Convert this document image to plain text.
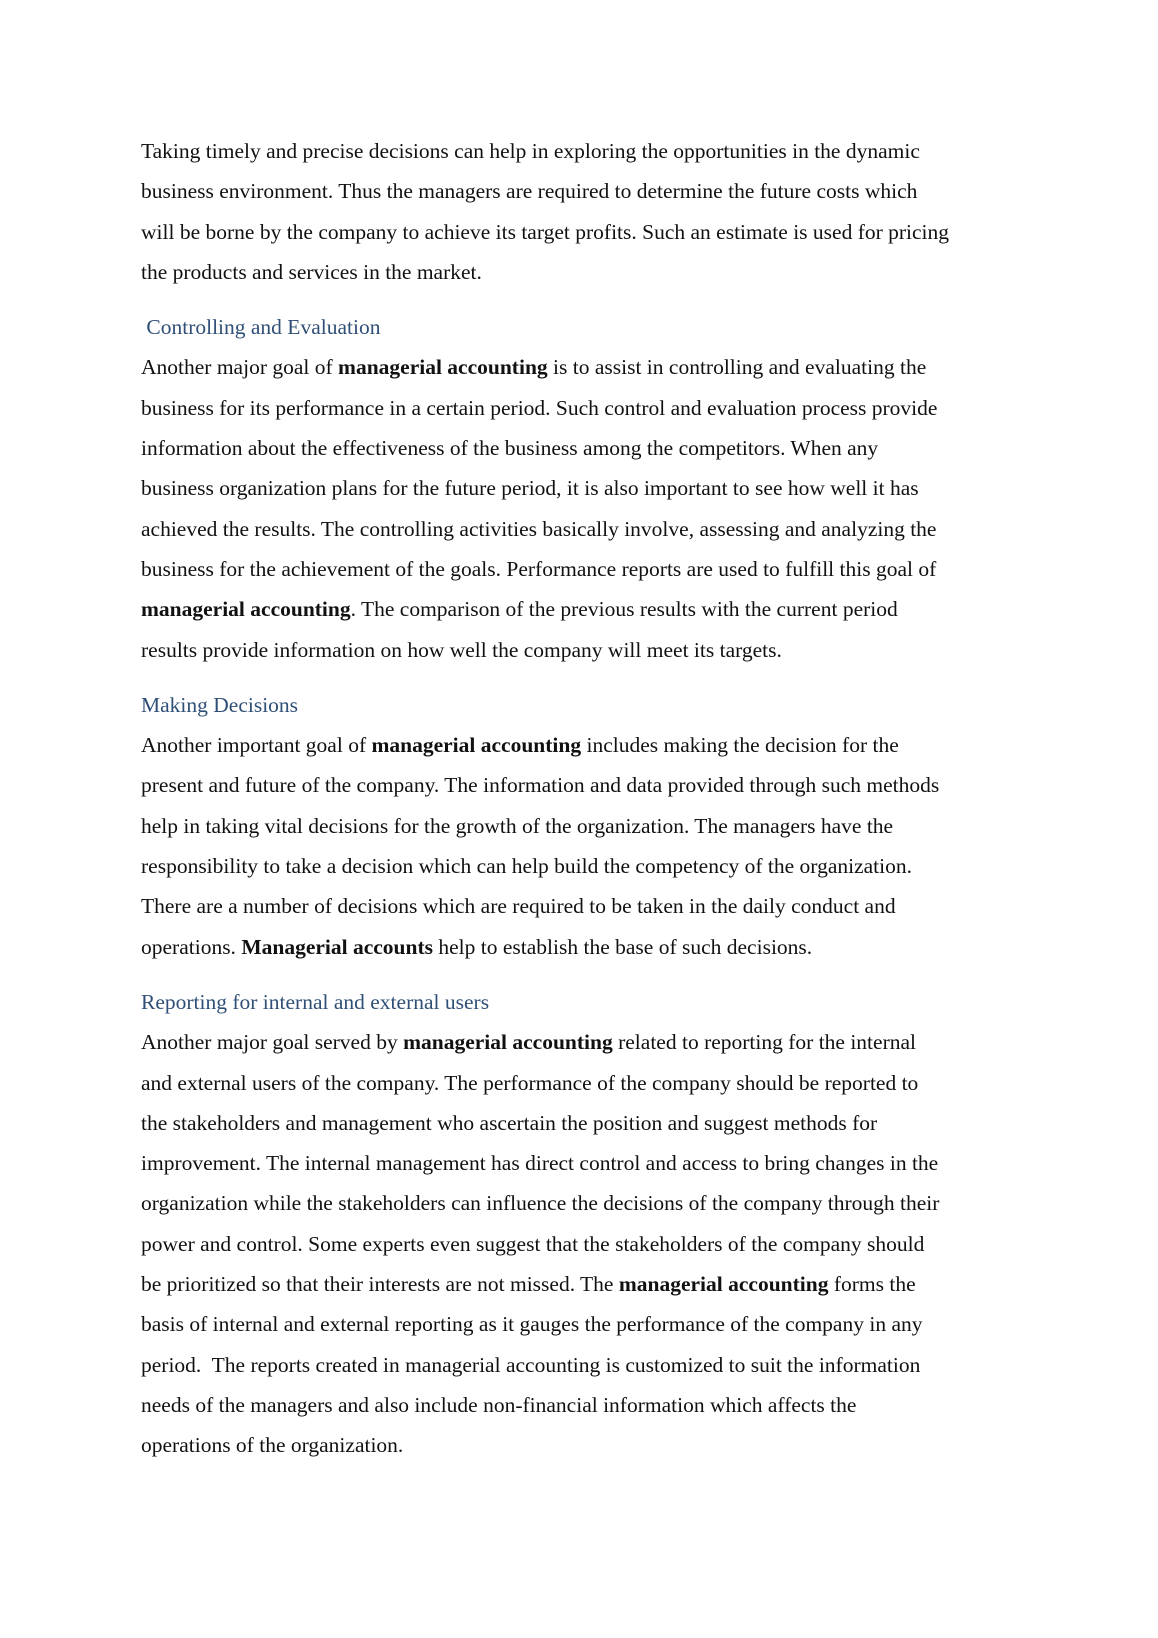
Taking timely and precise decisions can help in exploring the opportunities in the dynamic
business environment. Thus the managers are required to determine the future costs which
will be borne by the company to achieve its target profits. Such an estimate is used for pricing
the products and services in the market.
Controlling and Evaluation
Another major goal of managerial accounting is to assist in controlling and evaluating the
business for its performance in a certain period. Such control and evaluation process provide
information about the effectiveness of the business among the competitors. When any
business organization plans for the future period, it is also important to see how well it has
achieved the results. The controlling activities basically involve, assessing and analyzing the
business for the achievement of the goals. Performance reports are used to fulfill this goal of
managerial accounting. The comparison of the previous results with the current period
results provide information on how well the company will meet its targets.
Making Decisions
Another important goal of managerial accounting includes making the decision for the
present and future of the company. The information and data provided through such methods
help in taking vital decisions for the growth of the organization. The managers have the
responsibility to take a decision which can help build the competency of the organization.
There are a number of decisions which are required to be taken in the daily conduct and
operations. Managerial accounts help to establish the base of such decisions.
Reporting for internal and external users
Another major goal served by managerial accounting related to reporting for the internal
and external users of the company. The performance of the company should be reported to
the stakeholders and management who ascertain the position and suggest methods for
improvement. The internal management has direct control and access to bring changes in the
organization while the stakeholders can influence the decisions of the company through their
power and control. Some experts even suggest that the stakeholders of the company should
be prioritized so that their interests are not missed. The managerial accounting forms the
basis of internal and external reporting as it gauges the performance of the company in any
period.  The reports created in managerial accounting is customized to suit the information
needs of the managers and also include non-financial information which affects the
operations of the organization.
